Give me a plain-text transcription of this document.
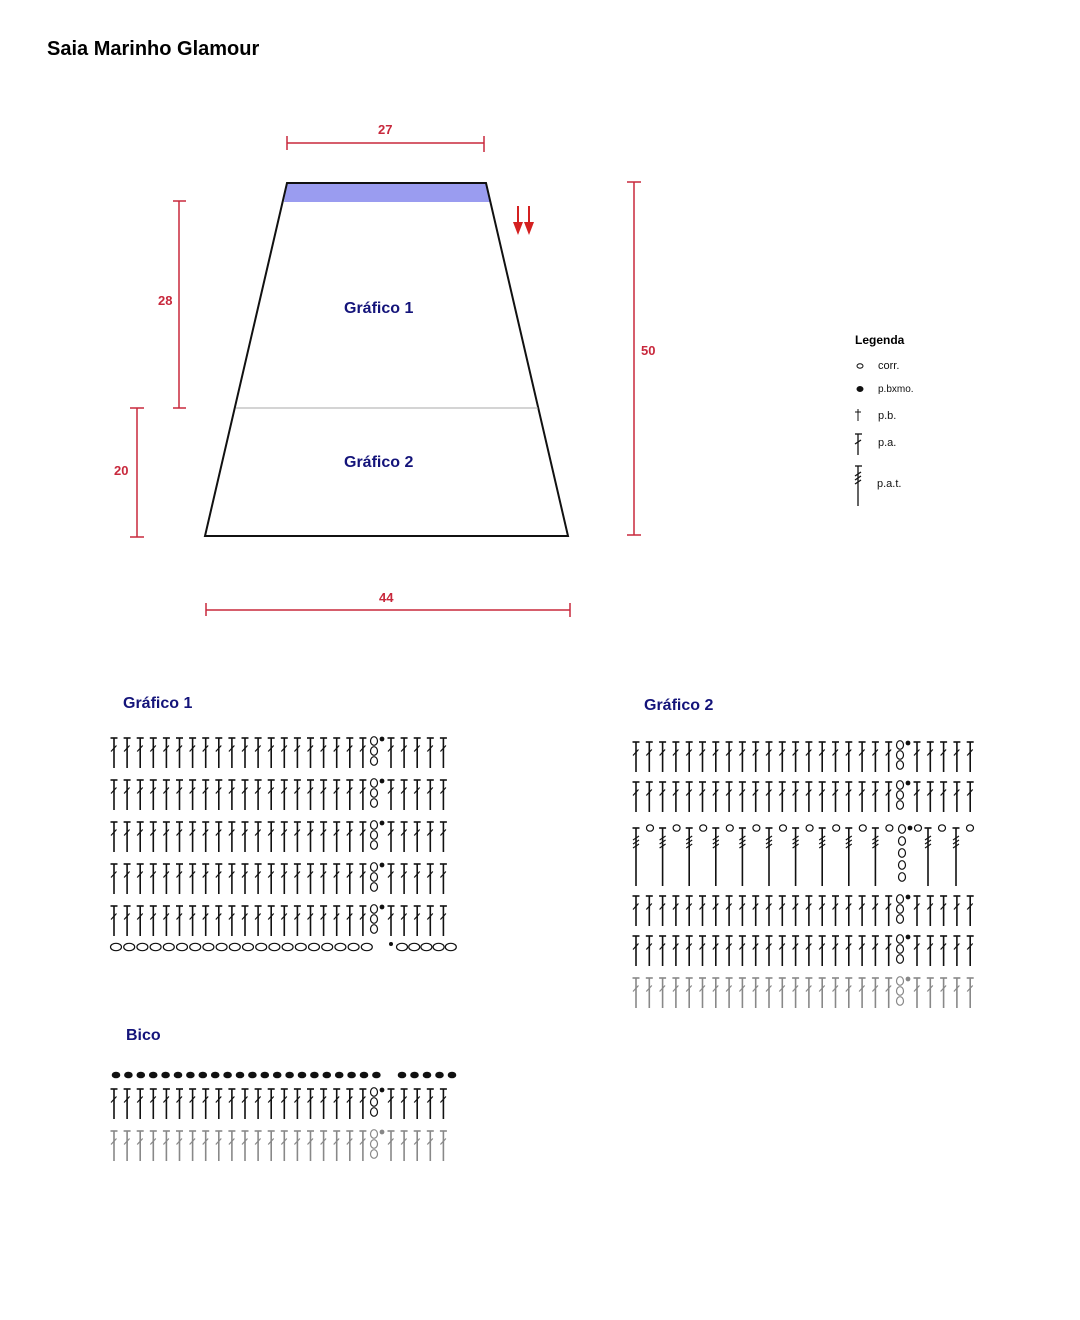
Saia Marinho Glamour
27
44
28
20
50
Gráfico 1
Gráfico 2
Legenda
corr.
p.bxmo.
p.b.
p.a.
p.a.t.
Gráfico 1	Gráfico 2
Bico
